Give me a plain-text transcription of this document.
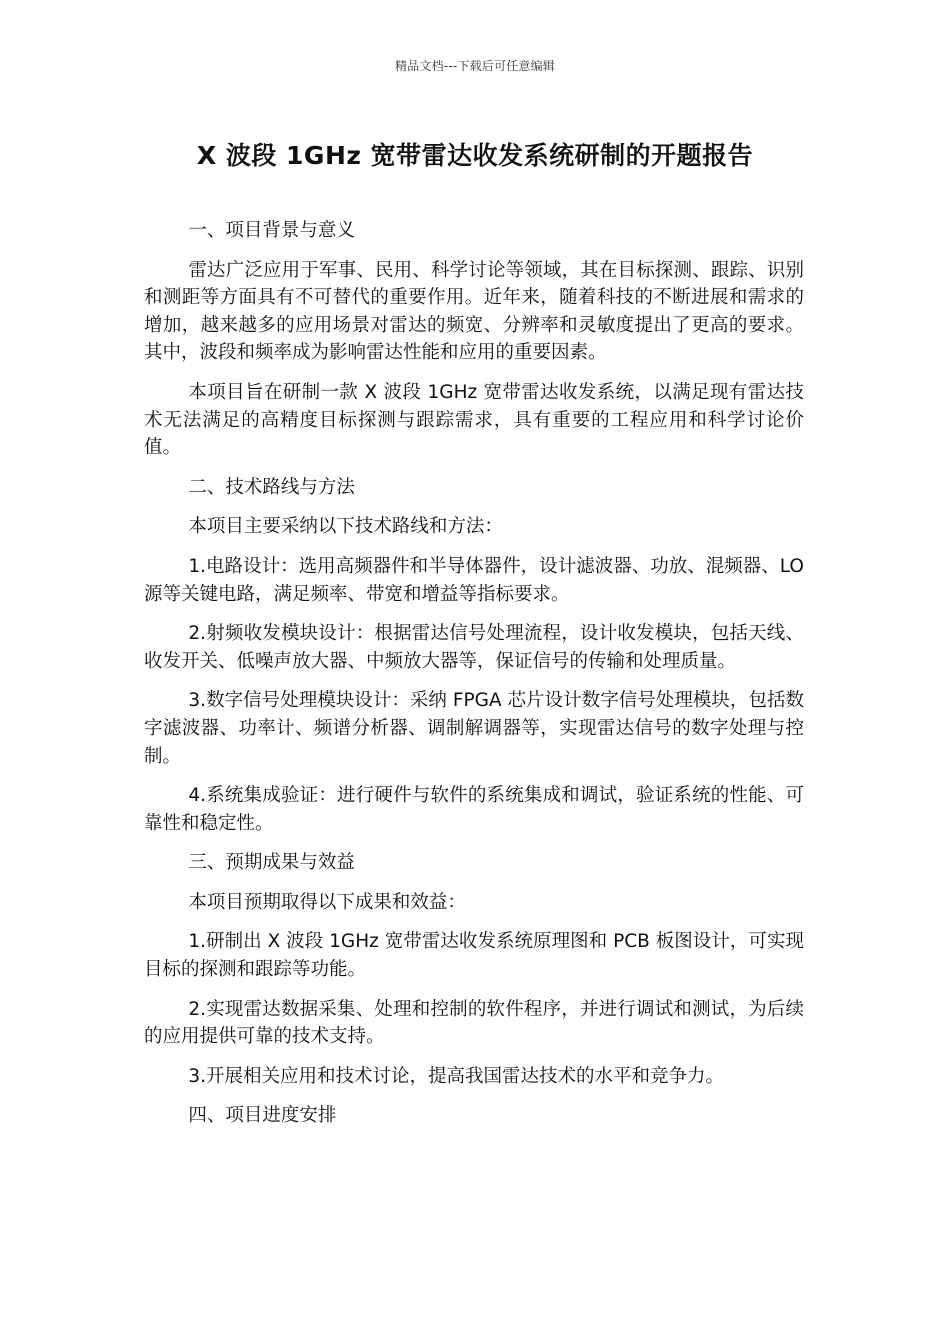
精品文档---下载后可任意编辑
X 波段 1GHz 宽带雷达收发系统研制的开题报告

一、项目背景与意义

雷达广泛应用于军事、民用、科学讨论等领域，其在目标探测、跟踪、识别和测距等方面具有不可替代的重要作用。近年来，随着科技的不断进展和需求的增加，越来越多的应用场景对雷达的频宽、分辨率和灵敏度提出了更高的要求。其中，波段和频率成为影响雷达性能和应用的重要因素。

本项目旨在研制一款 X 波段 1GHz 宽带雷达收发系统，以满足现有雷达技术无法满足的高精度目标探测与跟踪需求，具有重要的工程应用和科学讨论价值。

二、技术路线与方法

本项目主要采纳以下技术路线和方法：

1.电路设计：选用高频器件和半导体器件，设计滤波器、功放、混频器、LO 源等关键电路，满足频率、带宽和增益等指标要求。

2.射频收发模块设计：根据雷达信号处理流程，设计收发模块，包括天线、收发开关、低噪声放大器、中频放大器等，保证信号的传输和处理质量。

3.数字信号处理模块设计：采纳 FPGA 芯片设计数字信号处理模块，包括数字滤波器、功率计、频谱分析器、调制解调器等，实现雷达信号的数字处理与控制。

4.系统集成验证：进行硬件与软件的系统集成和调试，验证系统的性能、可靠性和稳定性。

三、预期成果与效益

本项目预期取得以下成果和效益：

1.研制出 X 波段 1GHz 宽带雷达收发系统原理图和 PCB 板图设计，可实现目标的探测和跟踪等功能。

2.实现雷达数据采集、处理和控制的软件程序，并进行调试和测试，为后续的应用提供可靠的技术支持。

3.开展相关应用和技术讨论，提高我国雷达技术的水平和竞争力。

四、项目进度安排
